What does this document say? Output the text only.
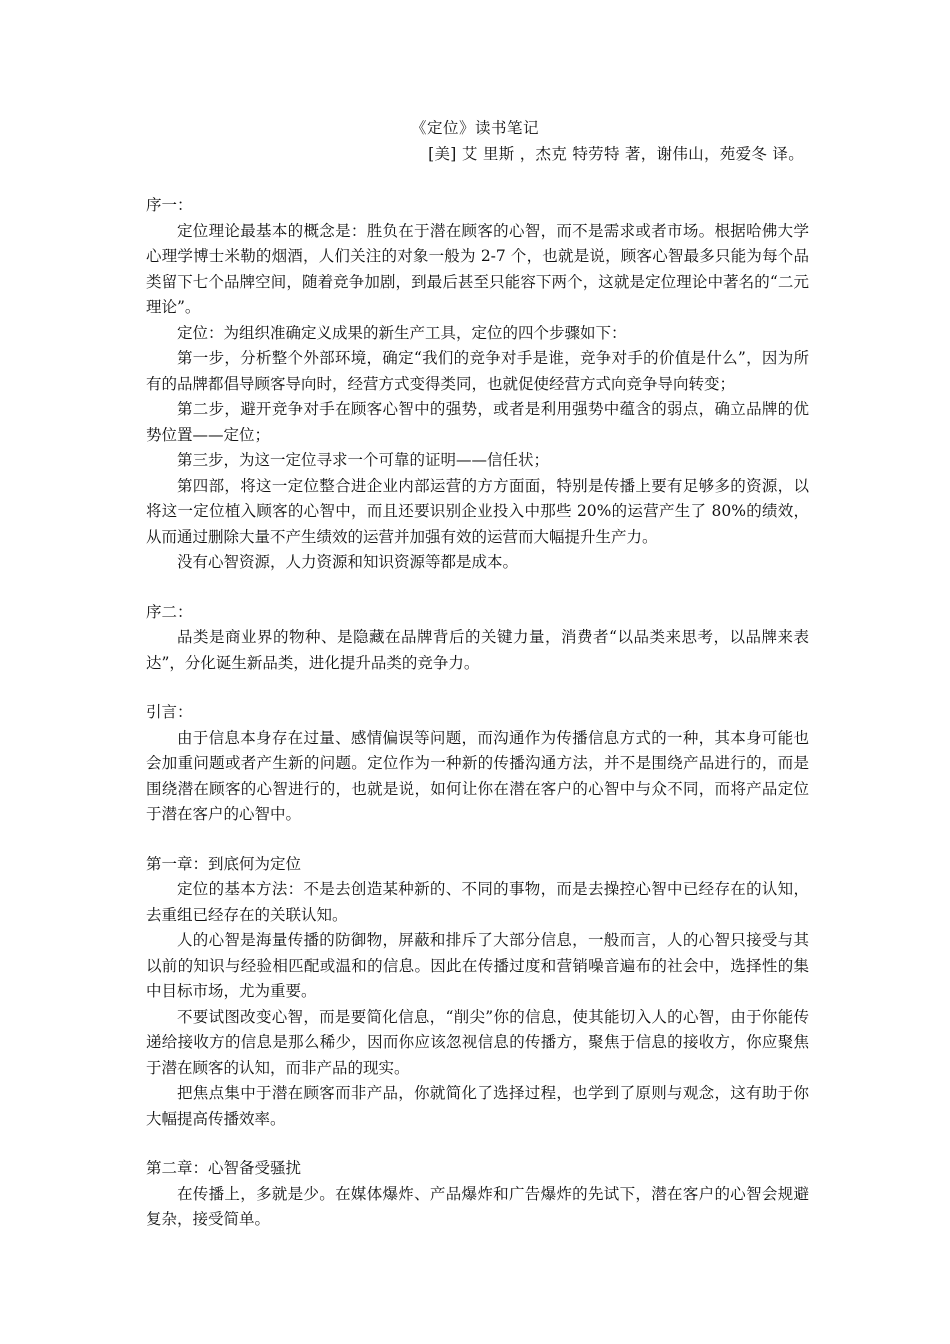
《定位》读书笔记
[美] 艾 里斯 ，杰克 特劳特 著，谢伟山，苑爱冬 译。
序一：

定位理论最基本的概念是：胜负在于潜在顾客的心智，而不是需求或者市场。根据哈佛大学心理学博士米勒的烟酒，人们关注的对象一般为 2-7 个，也就是说，顾客心智最多只能为每个品类留下七个品牌空间，随着竞争加剧，到最后甚至只能容下两个，这就是定位理论中著名的“二元理论”。

定位：为组织准确定义成果的新生产工具，定位的四个步骤如下：

第一步，分析整个外部环境，确定“我们的竞争对手是谁，竞争对手的价值是什么”，因为所有的品牌都倡导顾客导向时，经营方式变得类同，也就促使经营方式向竞争导向转变；

第二步，避开竞争对手在顾客心智中的强势，或者是利用强势中蕴含的弱点，确立品牌的优势位置——定位；

第三步，为这一定位寻求一个可靠的证明——信任状；

第四部，将这一定位整合进企业内部运营的方方面面，特别是传播上要有足够多的资源，以将这一定位植入顾客的心智中，而且还要识别企业投入中那些 20%的运营产生了 80%的绩效，从而通过删除大量不产生绩效的运营并加强有效的运营而大幅提升生产力。

没有心智资源，人力资源和知识资源等都是成本。

序二：

品类是商业界的物种、是隐藏在品牌背后的关键力量，消费者“以品类来思考，以品牌来表达”，分化诞生新品类，进化提升品类的竞争力。

引言：

由于信息本身存在过量、感情偏误等问题，而沟通作为传播信息方式的一种，其本身可能也会加重问题或者产生新的问题。定位作为一种新的传播沟通方法，并不是围绕产品进行的，而是围绕潜在顾客的心智进行的，也就是说，如何让你在潜在客户的心智中与众不同，而将产品定位于潜在客户的心智中。

第一章：到底何为定位

定位的基本方法：不是去创造某种新的、不同的事物，而是去操控心智中已经存在的认知，去重组已经存在的关联认知。

人的心智是海量传播的防御物，屏蔽和排斥了大部分信息，一般而言，人的心智只接受与其以前的知识与经验相匹配或温和的信息。因此在传播过度和营销噪音遍布的社会中，选择性的集中目标市场，尤为重要。

不要试图改变心智，而是要简化信息，“削尖”你的信息，使其能切入人的心智，由于你能传递给接收方的信息是那么稀少，因而你应该忽视信息的传播方，聚焦于信息的接收方，你应聚焦于潜在顾客的认知，而非产品的现实。

把焦点集中于潜在顾客而非产品，你就简化了选择过程，也学到了原则与观念，这有助于你大幅提高传播效率。

第二章：心智备受骚扰

在传播上，多就是少。在媒体爆炸、产品爆炸和广告爆炸的先试下，潜在客户的心智会规避复杂，接受简单。
